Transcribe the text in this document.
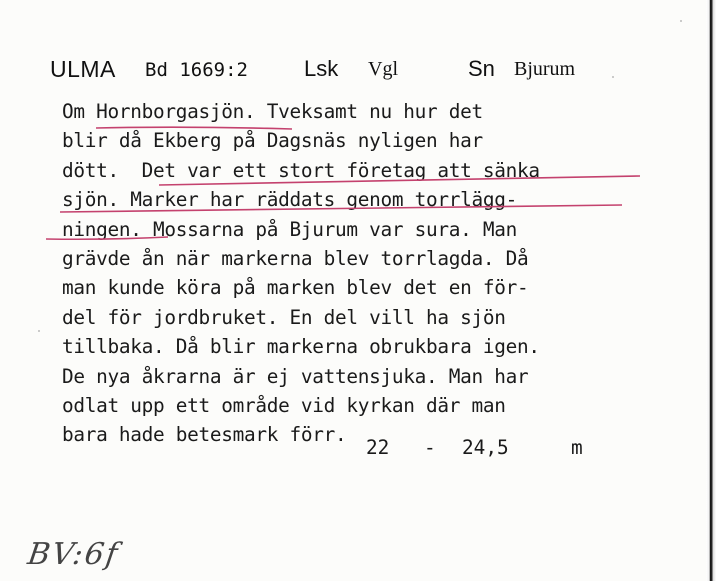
ULMA Bd 1669:2	Lsk Vgl	Sn Bjurum
Om Hornborgasjön. Tveksamt nu hur det
blir då Ekberg på Dagsnäs nyligen har
dött.  Det var ett stort företag att sänka
sjön. Marker har räddats genom torrlägg-
ningen. Mossarna på Bjurum var sura. Man
grävde ån när markerna blev torrlagda. Då
man kunde köra på marken blev det en för-
del för jordbruket. En del vill ha sjön
tillbaka. Då blir markerna obrukbara igen.
De nya åkrarna är ej vattensjuka. Man har
odlat upp ett område vid kyrkan där man
bara hade betesmark förr.
22 - 24,5	m
BV:6f
